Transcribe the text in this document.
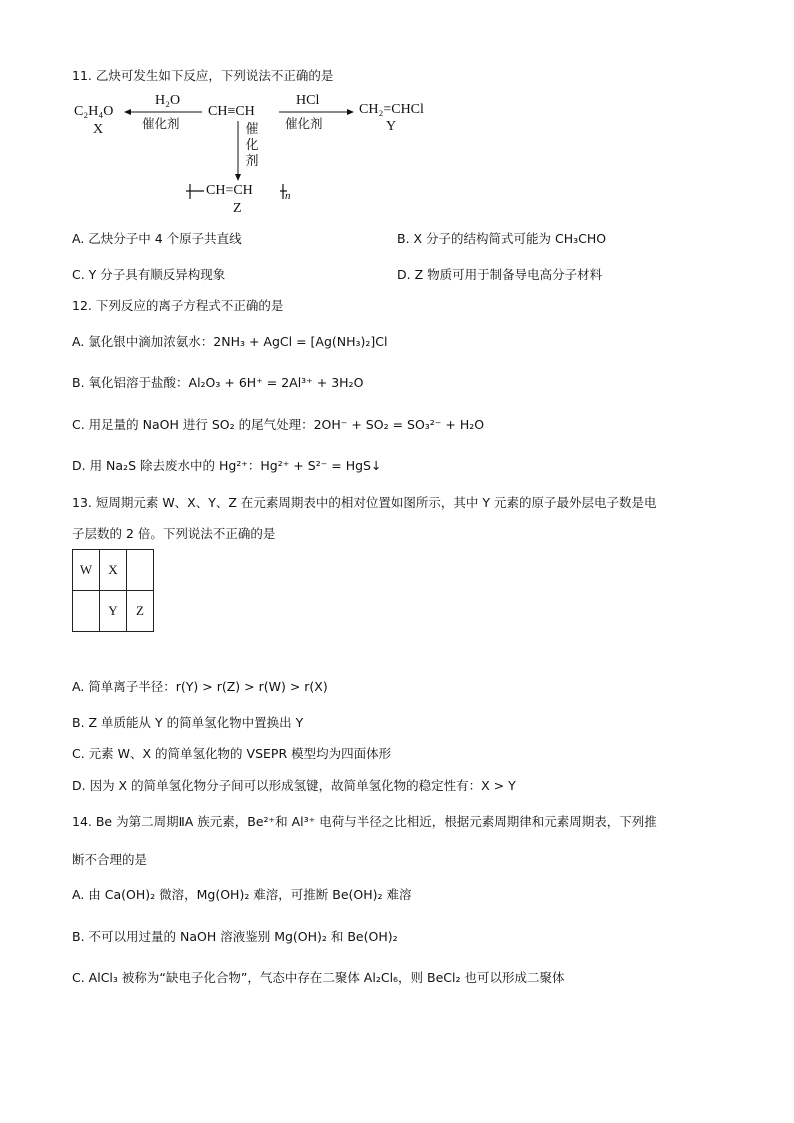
11. 乙炔可发生如下反应，下列说法不正确的是
C₂H₄O
X
H₂O
催化剂
CH≡CH
HCl
催化剂
CH₂=CHCl
Y
催化剂
CH=CH	n
Z
A. 乙炔分子中 4 个原子共直线	B. X 分子的结构简式可能为 CH₃CHO
C. Y 分子具有顺反异构现象	D. Z 物质可用于制备导电高分子材料
12. 下列反应的离子方程式不正确的是
A. 氯化银中滴加浓氨水：2NH₃ + AgCl = [Ag(NH₃)₂]Cl
B. 氧化铝溶于盐酸：Al₂O₃ + 6H⁺ = 2Al³⁺ + 3H₂O
C. 用足量的 NaOH 进行 SO₂ 的尾气处理：2OH⁻ + SO₂ = SO₃²⁻ + H₂O
D. 用 Na₂S 除去废水中的 Hg²⁺：Hg²⁺ + S²⁻ = HgS↓
13. 短周期元素 W、X、Y、Z 在元素周期表中的相对位置如图所示，其中 Y 元素的原子最外层电子数是电
子层数的 2 倍。下列说法不正确的是
W	X	
	Y	Z
A. 简单离子半径：r(Y) > r(Z) > r(W) > r(X)
B. Z 单质能从 Y 的简单氢化物中置换出 Y
C. 元素 W、X 的简单氢化物的 VSEPR 模型均为四面体形
D. 因为 X 的简单氢化物分子间可以形成氢键，故简单氢化物的稳定性有：X > Y
14. Be 为第二周期ⅡA 族元素，Be²⁺和 Al³⁺ 电荷与半径之比相近，根据元素周期律和元素周期表，下列推
断不合理的是
A. 由 Ca(OH)₂ 微溶，Mg(OH)₂ 难溶，可推断 Be(OH)₂ 难溶
B. 不可以用过量的 NaOH 溶液鉴别 Mg(OH)₂ 和 Be(OH)₂
C. AlCl₃ 被称为“缺电子化合物”，气态中存在二聚体 Al₂Cl₆，则 BeCl₂ 也可以形成二聚体
